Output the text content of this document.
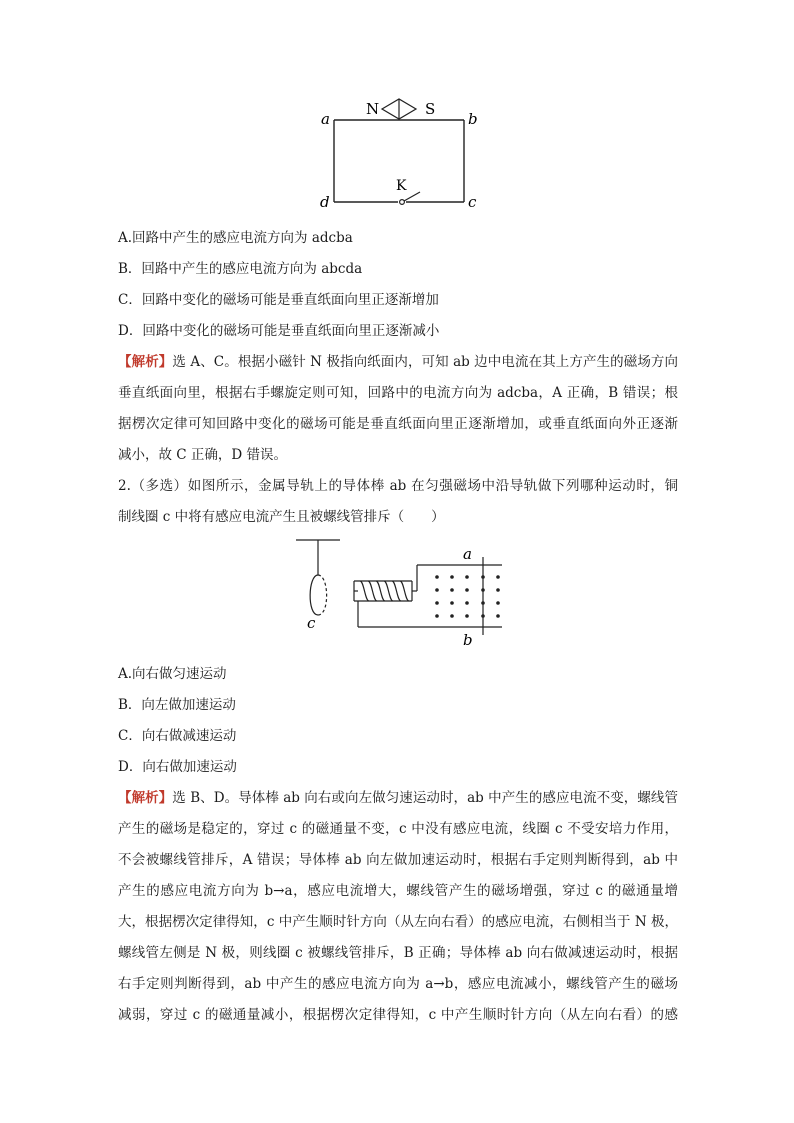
N	S
a	b
d	c
K
A.回路中产生的感应电流方向为 adcba
B．回路中产生的感应电流方向为 abcda
C．回路中变化的磁场可能是垂直纸面向里正逐渐增加
D．回路中变化的磁场可能是垂直纸面向里正逐渐减小
【解析】选 A、C。根据小磁针 N 极指向纸面内，可知 ab 边中电流在其上方产生的磁场方向
垂直纸面向里，根据右手螺旋定则可知，回路中的电流方向为 adcba，A 正确，B 错误；根
据楞次定律可知回路中变化的磁场可能是垂直纸面向里正逐渐增加，或垂直纸面向外正逐渐
减小，故 C 正确，D 错误。
2.（多选）如图所示，金属导轨上的导体棒 ab 在匀强磁场中沿导轨做下列哪种运动时，铜
制线圈 c 中将有感应电流产生且被螺线管排斥（　　）
c
a
b
A.向右做匀速运动
B．向左做加速运动
C．向右做减速运动
D．向右做加速运动
【解析】选 B、D。导体棒 ab 向右或向左做匀速运动时，ab 中产生的感应电流不变，螺线管
产生的磁场是稳定的，穿过 c 的磁通量不变，c 中没有感应电流，线圈 c 不受安培力作用，
不会被螺线管排斥，A 错误；导体棒 ab 向左做加速运动时，根据右手定则判断得到，ab 中
产生的感应电流方向为 b→a，感应电流增大，螺线管产生的磁场增强，穿过 c 的磁通量增
大，根据楞次定律得知，c 中产生顺时针方向（从左向右看）的感应电流，右侧相当于 N 极，
螺线管左侧是 N 极，则线圈 c 被螺线管排斥，B 正确；导体棒 ab 向右做减速运动时，根据
右手定则判断得到，ab 中产生的感应电流方向为 a→b，感应电流减小，螺线管产生的磁场
减弱，穿过 c 的磁通量减小，根据楞次定律得知，c 中产生顺时针方向（从左向右看）的感
